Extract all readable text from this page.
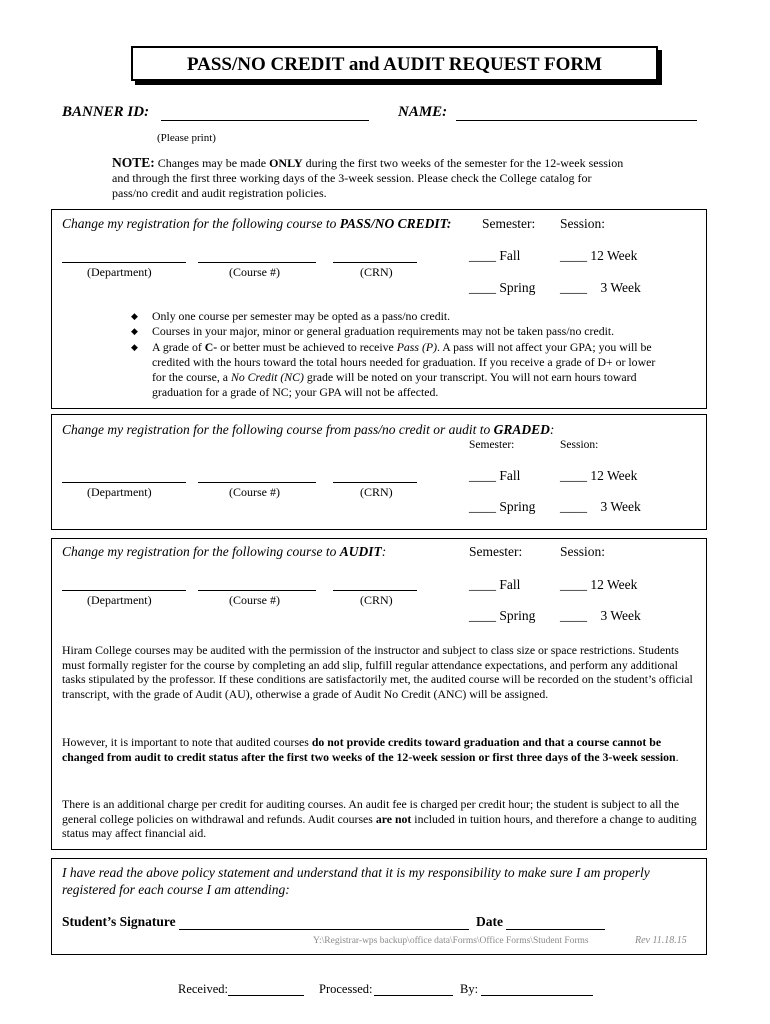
PASS/NO CREDIT and AUDIT REQUEST FORM
BANNER ID:	NAME:
(Please print)
NOTE: Changes may be made ONLY during the first two weeks of the semester for the 12-week session
and through the first three working days of the 3-week session. Please check the College catalog for
pass/no credit and audit registration policies.
Change my registration for the following course to PASS/NO CREDIT: Semester: Session:
(Department)	(Course #)	(CRN)
____ Fall	____ 12 Week
____ Spring ____ 3 Week
◆ Only one course per semester may be opted as a pass/no credit.
◆ Courses in your major, minor or general graduation requirements may not be taken pass/no credit.
◆ A grade of C- or better must be achieved to receive Pass (P). A pass will not affect your GPA; you will be
credited with the hours toward the total hours needed for graduation. If you receive a grade of D+ or lower
for the course, a No Credit (NC) grade will be noted on your transcript. You will not earn hours toward
graduation for a grade of NC; your GPA will not be affected.
Change my registration for the following course from pass/no credit or audit to GRADED:
Semester:	Session:
(Department)	(Course #)	(CRN)
____ Fall	____ 12 Week
____ Spring ____ 3 Week
Change my registration for the following course to AUDIT:	Semester:	Session:
(Department)	(Course #)	(CRN)
____ Fall	____ 12 Week
____ Spring ____ 3 Week
Hiram College courses may be audited with the permission of the instructor and subject to class size or space restrictions. Students must formally register for the course by completing an add slip, fulfill regular attendance expectations, and perform any additional tasks stipulated by the professor. If these conditions are satisfactorily met, the audited course will be recorded on the student’s official transcript, with the grade of Audit (AU), otherwise a grade of Audit No Credit (ANC) will be assigned.
However, it is important to note that audited courses do not provide credits toward graduation and that a course cannot be changed from audit to credit status after the first two weeks of the 12-week session or first three days of the 3-week session.
There is an additional charge per credit for auditing courses. An audit fee is charged per credit hour; the student is subject to all the general college policies on withdrawal and refunds. Audit courses are not included in tuition hours, and therefore a change to auditing status may affect financial aid.
I have read the above policy statement and understand that it is my responsibility to make sure I am properly
registered for each course I am attending:
Student’s Signature	Date
Y:\Registrar-wps backup\office data\Forms\Office Forms\Student Forms	Rev 11.18.15
Received:	Processed:	By:
